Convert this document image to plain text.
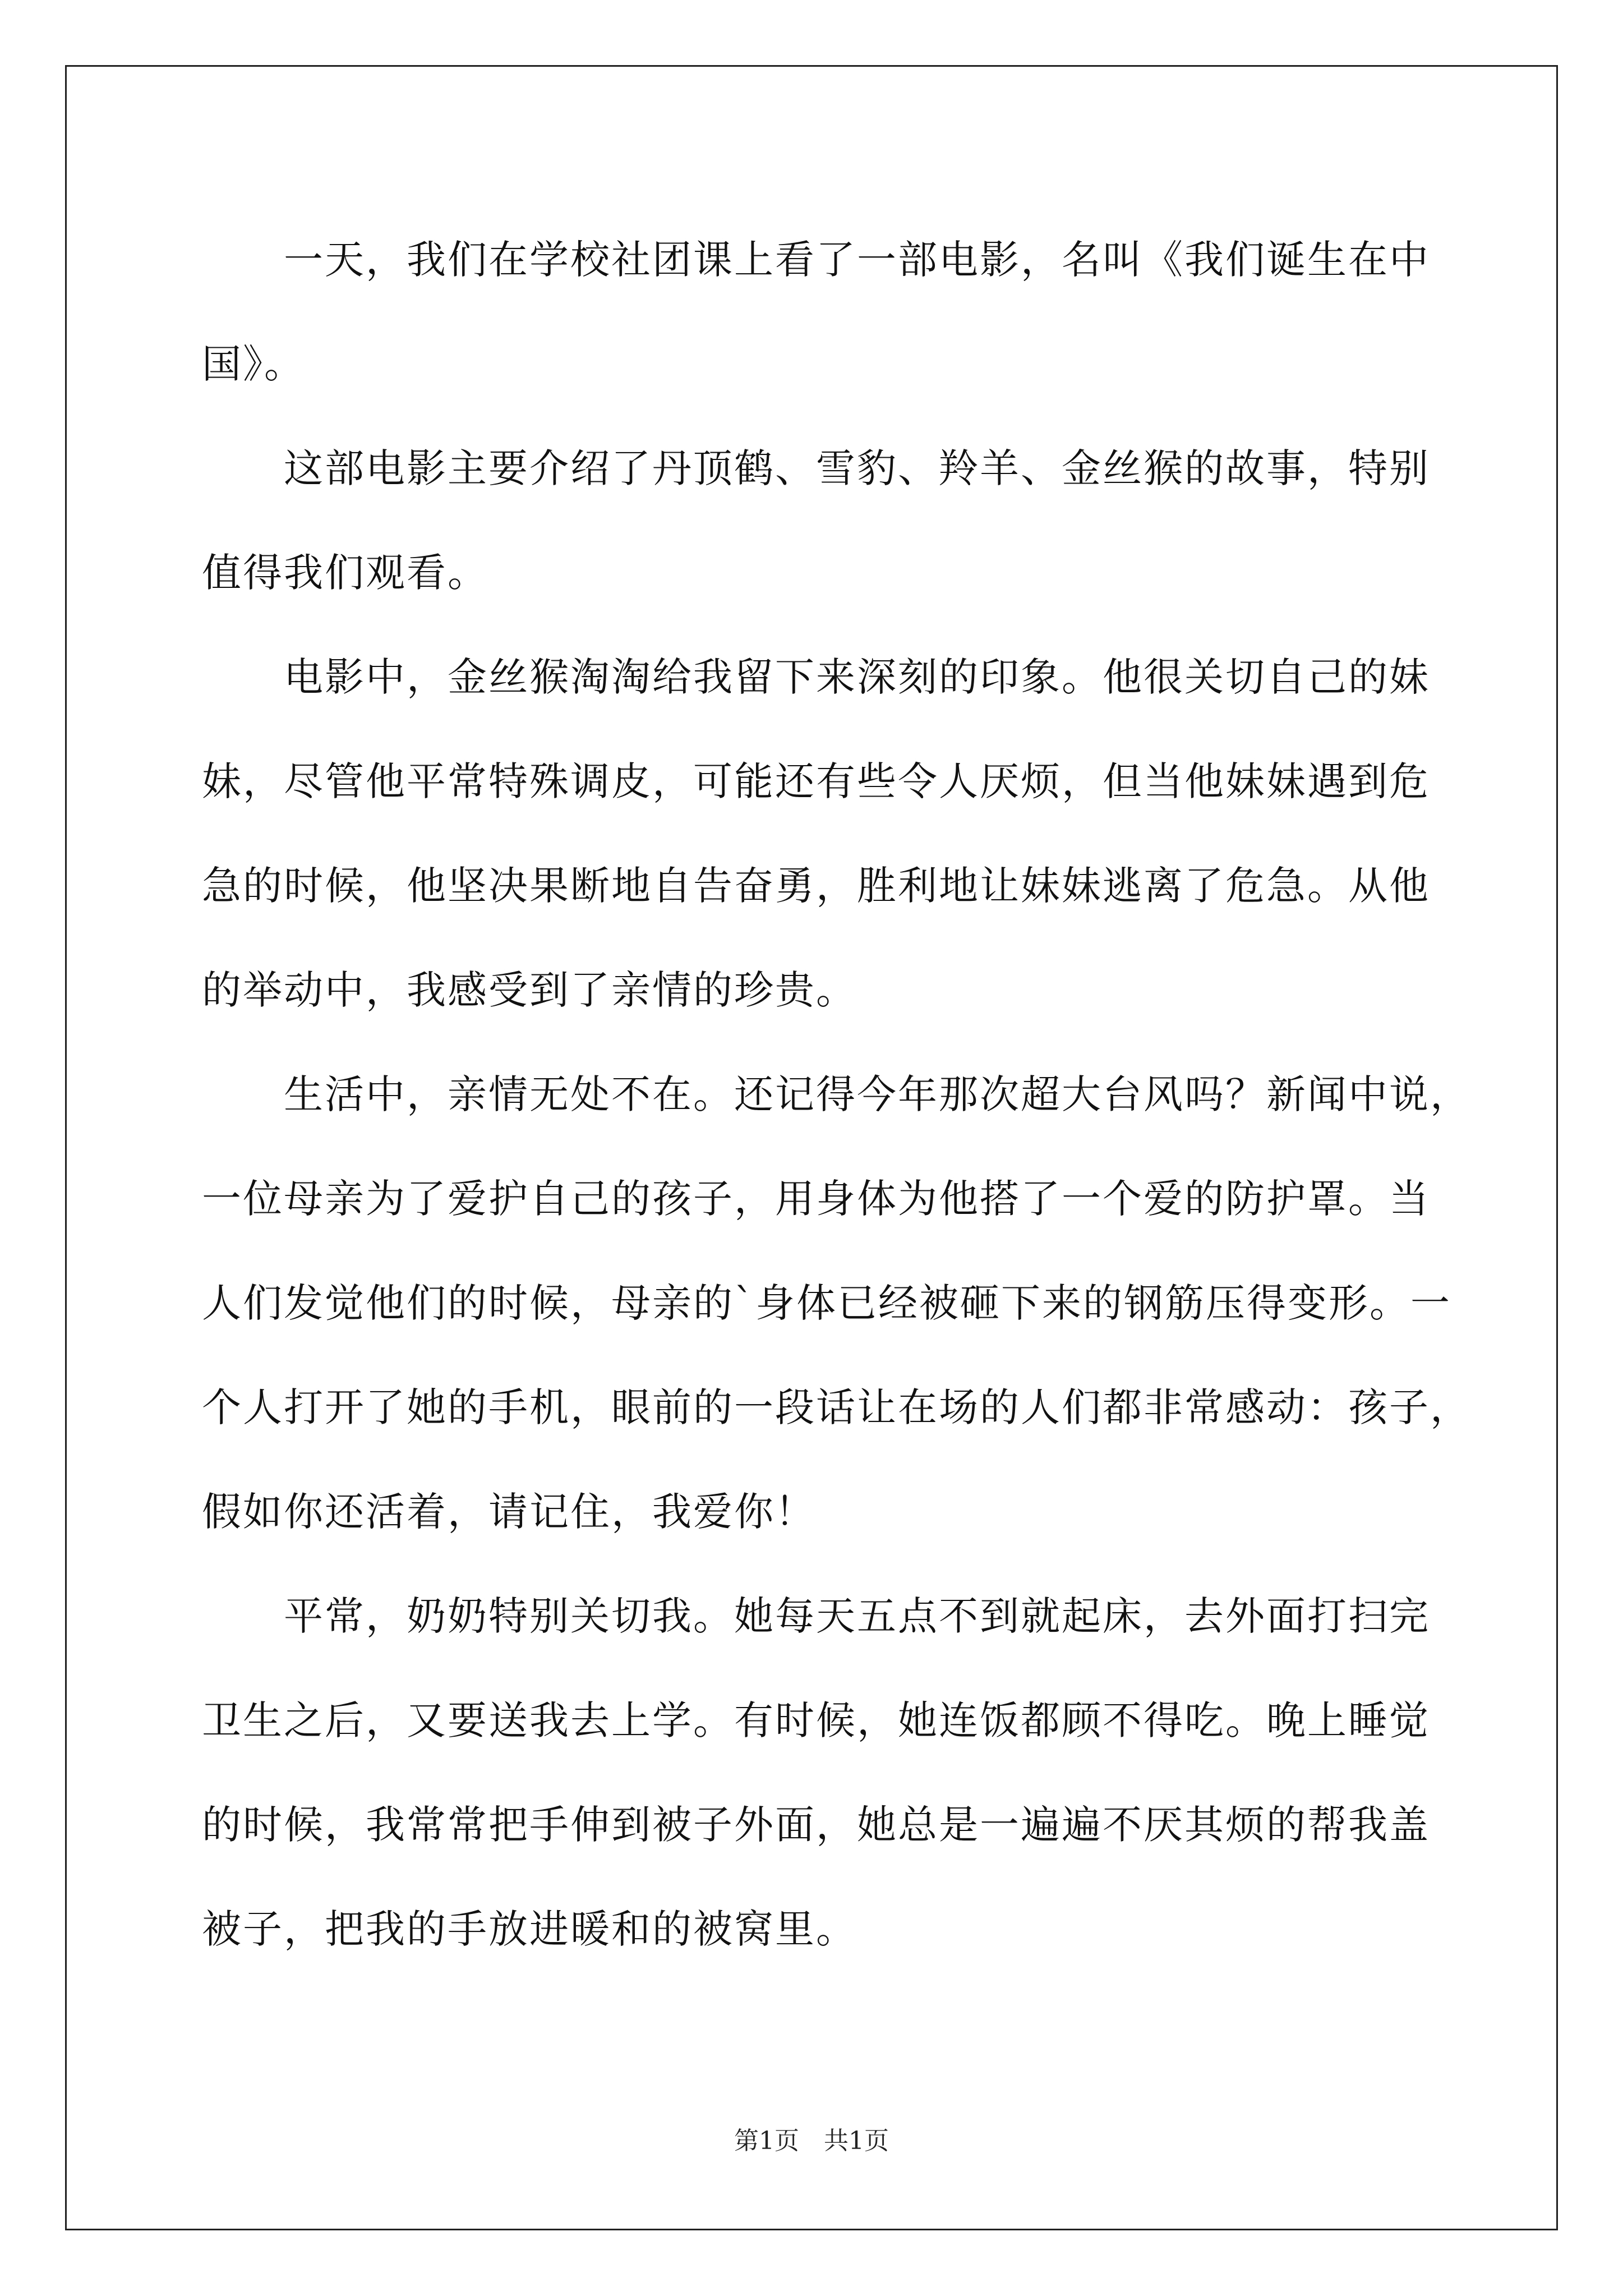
一天，我们在学校社团课上看了一部电影，名叫《我们诞生在中
国》。

这部电影主要介绍了丹顶鹤、雪豹、羚羊、金丝猴的故事，特别
值得我们观看。

电影中，金丝猴淘淘给我留下来深刻的印象。他很关切自己的妹
妹，尽管他平常特殊调皮，可能还有些令人厌烦，但当他妹妹遇到危
急的时候，他坚决果断地自告奋勇，胜利地让妹妹逃离了危急。从他
的举动中，我感受到了亲情的珍贵。

生活中，亲情无处不在。还记得今年那次超大台风吗？新闻中说，
一位母亲为了爱护自己的孩子，用身体为他搭了一个爱的防护罩。当
人们发觉他们的时候，母亲的`身体已经被砸下来的钢筋压得变形。一
个人打开了她的手机，眼前的一段话让在场的人们都非常感动：孩子，
假如你还活着，请记住，我爱你！

平常，奶奶特别关切我。她每天五点不到就起床，去外面打扫完
卫生之后，又要送我去上学。有时候，她连饭都顾不得吃。晚上睡觉
的时候，我常常把手伸到被子外面，她总是一遍遍不厌其烦的帮我盖
被子，把我的手放进暖和的被窝里。

第1页　共1页
